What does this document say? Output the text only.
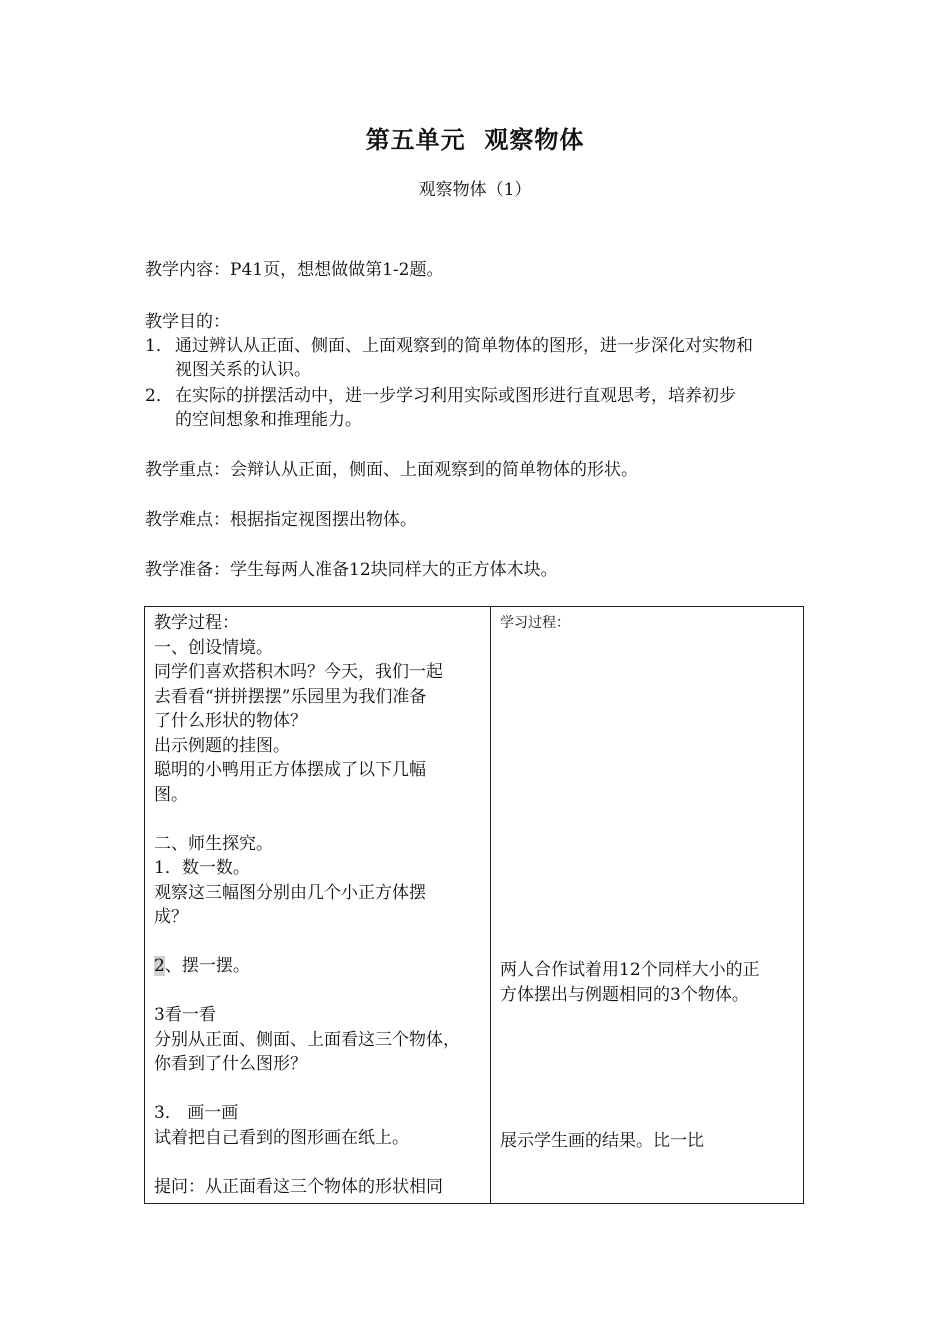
第五单元  观察物体
观察物体（1）
教学内容：P41页，想想做做第1-2题。
教学目的：
1． 通过辨认从正面、侧面、上面观察到的简单物体的图形，进一步深化对实物和
视图关系的认识。
2． 在实际的拼摆活动中，进一步学习利用实际或图形进行直观思考，培养初步
的空间想象和推理能力。
教学重点：会辩认从正面，侧面、上面观察到的简单物体的形状。
教学难点：根据指定视图摆出物体。
教学准备：学生每两人准备12块同样大的正方体木块。
教学过程：
一、创设情境。
同学们喜欢搭积木吗？今天，我们一起
去看看“拼拼摆摆”乐园里为我们准备
了什么形状的物体？
出示例题的挂图。
聪明的小鸭用正方体摆成了以下几幅
图。
二、师生探究。
1．数一数。
观察这三幅图分别由几个小正方体摆
成？
2、摆一摆。
3看一看
分别从正面、侧面、上面看这三个物体，
你看到了什么图形？
3． 画一画
试着把自己看到的图形画在纸上。
提问：从正面看这三个物体的形状相同
学习过程：
两人合作试着用12个同样大小的正
方体摆出与例题相同的3个物体。
展示学生画的结果。比一比
